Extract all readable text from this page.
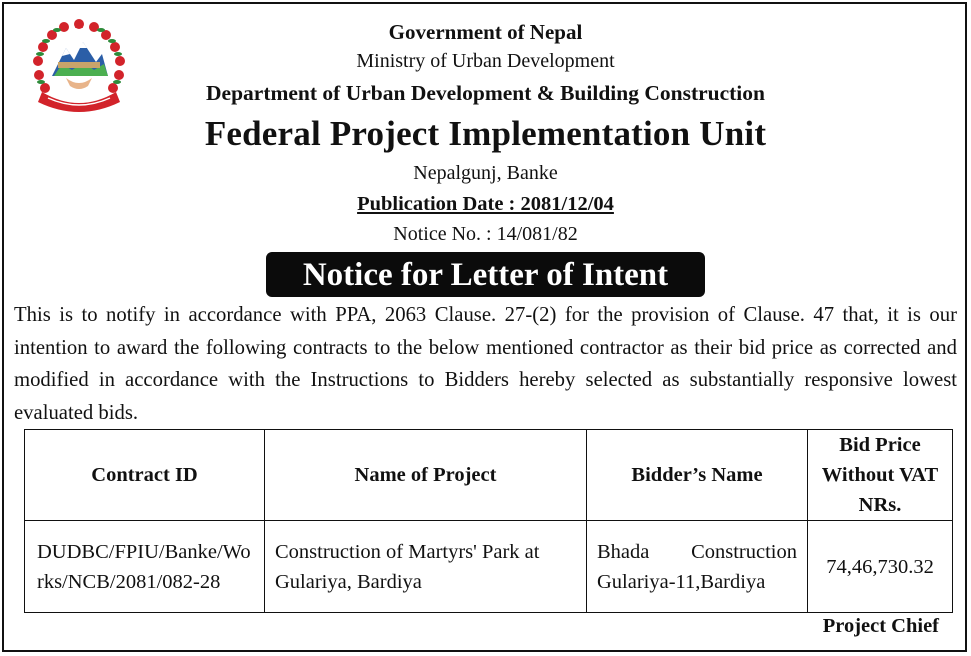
Government of Nepal
Ministry of Urban Development
Department of Urban Development & Building Construction
Federal Project Implementation Unit
Nepalgunj, Banke
Publication Date : 2081/12/04
Notice No. : 14/081/82
Notice for Letter of Intent
This is to notify in accordance with PPA, 2063 Clause. 27-(2) for the provision of Clause. 47 that, it is our intention to award the following contracts to the below mentioned contractor as their bid price as corrected and modified in accordance with the Instructions to Bidders hereby selected as substantially responsive lowest evaluated bids.
Contract ID	Name of Project	Bidder’s Name	Bid Price Without VAT NRs.
DUDBC/FPIU/Banke/Works/NCB/2081/082-28	Construction of Martyrs' Park at Gulariya, Bardiya	Bhada Construction Gulariya-11,Bardiya	74,46,730.32
Project Chief
